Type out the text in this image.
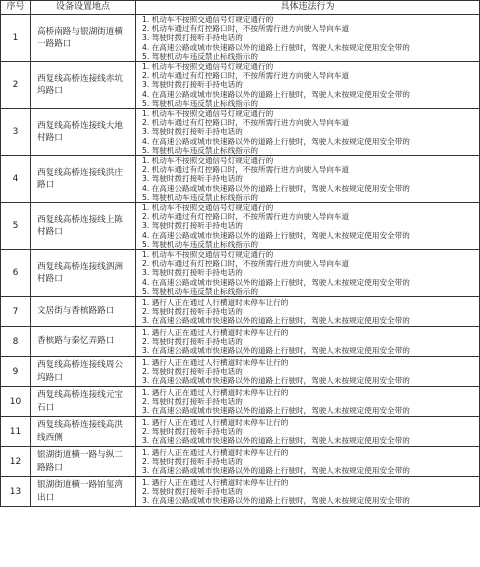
序号	设备设置地点	具体违法行为
1	高桥南路与银湖街道横一路路口	1. 机动车不按照交通信号灯规定通行的
2. 机动车通过有灯控路口时，不按所需行进方向驶入导向车道
3. 驾驶时拨打接听手持电话的
4. 在高速公路或城市快速路以外的道路上行驶时，驾驶人未按规定使用安全带的
5. 驾驶机动车违反禁止标线指示的

2	西复线高桥连接线赤坑坞路口	1. 机动车不按照交通信号灯规定通行的
2. 机动车通过有灯控路口时，不按所需行进方向驶入导向车道
3. 驾驶时拨打接听手持电话的
4. 在高速公路或城市快速路以外的道路上行驶时，驾驶人未按规定使用安全带的
5. 驾驶机动车违反禁止标线指示的

3	西复线高桥连接线大地村路口	1. 机动车不按照交通信号灯规定通行的
2. 机动车通过有灯控路口时，不按所需行进方向驶入导向车道
3. 驾驶时拨打接听手持电话的
4. 在高速公路或城市快速路以外的道路上行驶时，驾驶人未按规定使用安全带的
5. 驾驶机动车违反禁止标线指示的

4	西复线高桥连接线洪庄路口	1. 机动车不按照交通信号灯规定通行的
2. 机动车通过有灯控路口时，不按所需行进方向驶入导向车道
3. 驾驶时拨打接听手持电话的
4. 在高速公路或城市快速路以外的道路上行驶时，驾驶人未按规定使用安全带的
5. 驾驶机动车违反禁止标线指示的

5	西复线高桥连接线上陈村路口	1. 机动车不按照交通信号灯规定通行的
2. 机动车通过有灯控路口时，不按所需行进方向驶入导向车道
3. 驾驶时拨打接听手持电话的
4. 在高速公路或城市快速路以外的道路上行驶时，驾驶人未按规定使用安全带的
5. 驾驶机动车违反禁止标线指示的

6	西复线高桥连接线泗洲村路口	1. 机动车不按照交通信号灯规定通行的
2. 机动车通过有灯控路口时，不按所需行进方向驶入导向车道
3. 驾驶时拨打接听手持电话的
4. 在高速公路或城市快速路以外的道路上行驶时，驾驶人未按规定使用安全带的
5. 驾驶机动车违反禁止标线指示的

7	文居街与香槟路路口	1. 遇行人正在通过人行横道时未停车让行的
2. 驾驶时拨打接听手持电话的
3. 在高速公路或城市快速路以外的道路上行驶时，驾驶人未按规定使用安全带的

8	香槟路与秦忆弄路口	1. 遇行人正在通过人行横道时未停车让行的
2. 驾驶时拨打接听手持电话的
3. 在高速公路或城市快速路以外的道路上行驶时，驾驶人未按规定使用安全带的

9	西复线高桥连接线周公坞路口	1. 遇行人正在通过人行横道时未停车让行的
2. 驾驶时拨打接听手持电话的
3. 在高速公路或城市快速路以外的道路上行驶时，驾驶人未按规定使用安全带的

10	西复线高桥连接线元宝石口	1. 遇行人正在通过人行横道时未停车让行的
2. 驾驶时拨打接听手持电话的
3. 在高速公路或城市快速路以外的道路上行驶时，驾驶人未按规定使用安全带的

11	西复线高桥连接线高洪线西侧	1. 遇行人正在通过人行横道时未停车让行的
2. 驾驶时拨打接听手持电话的
3. 在高速公路或城市快速路以外的道路上行驶时，驾驶人未按规定使用安全带的

12	银湖街道横一路与纵二路路口	1. 遇行人正在通过人行横道时未停车让行的
2. 驾驶时拨打接听手持电话的
3. 在高速公路或城市快速路以外的道路上行驶时，驾驶人未按规定使用安全带的

13	银湖街道横一路铂玺湾出口	1. 遇行人正在通过人行横道时未停车让行的
2. 驾驶时拨打接听手持电话的
3. 在高速公路或城市快速路以外的道路上行驶时，驾驶人未按规定使用安全带的
